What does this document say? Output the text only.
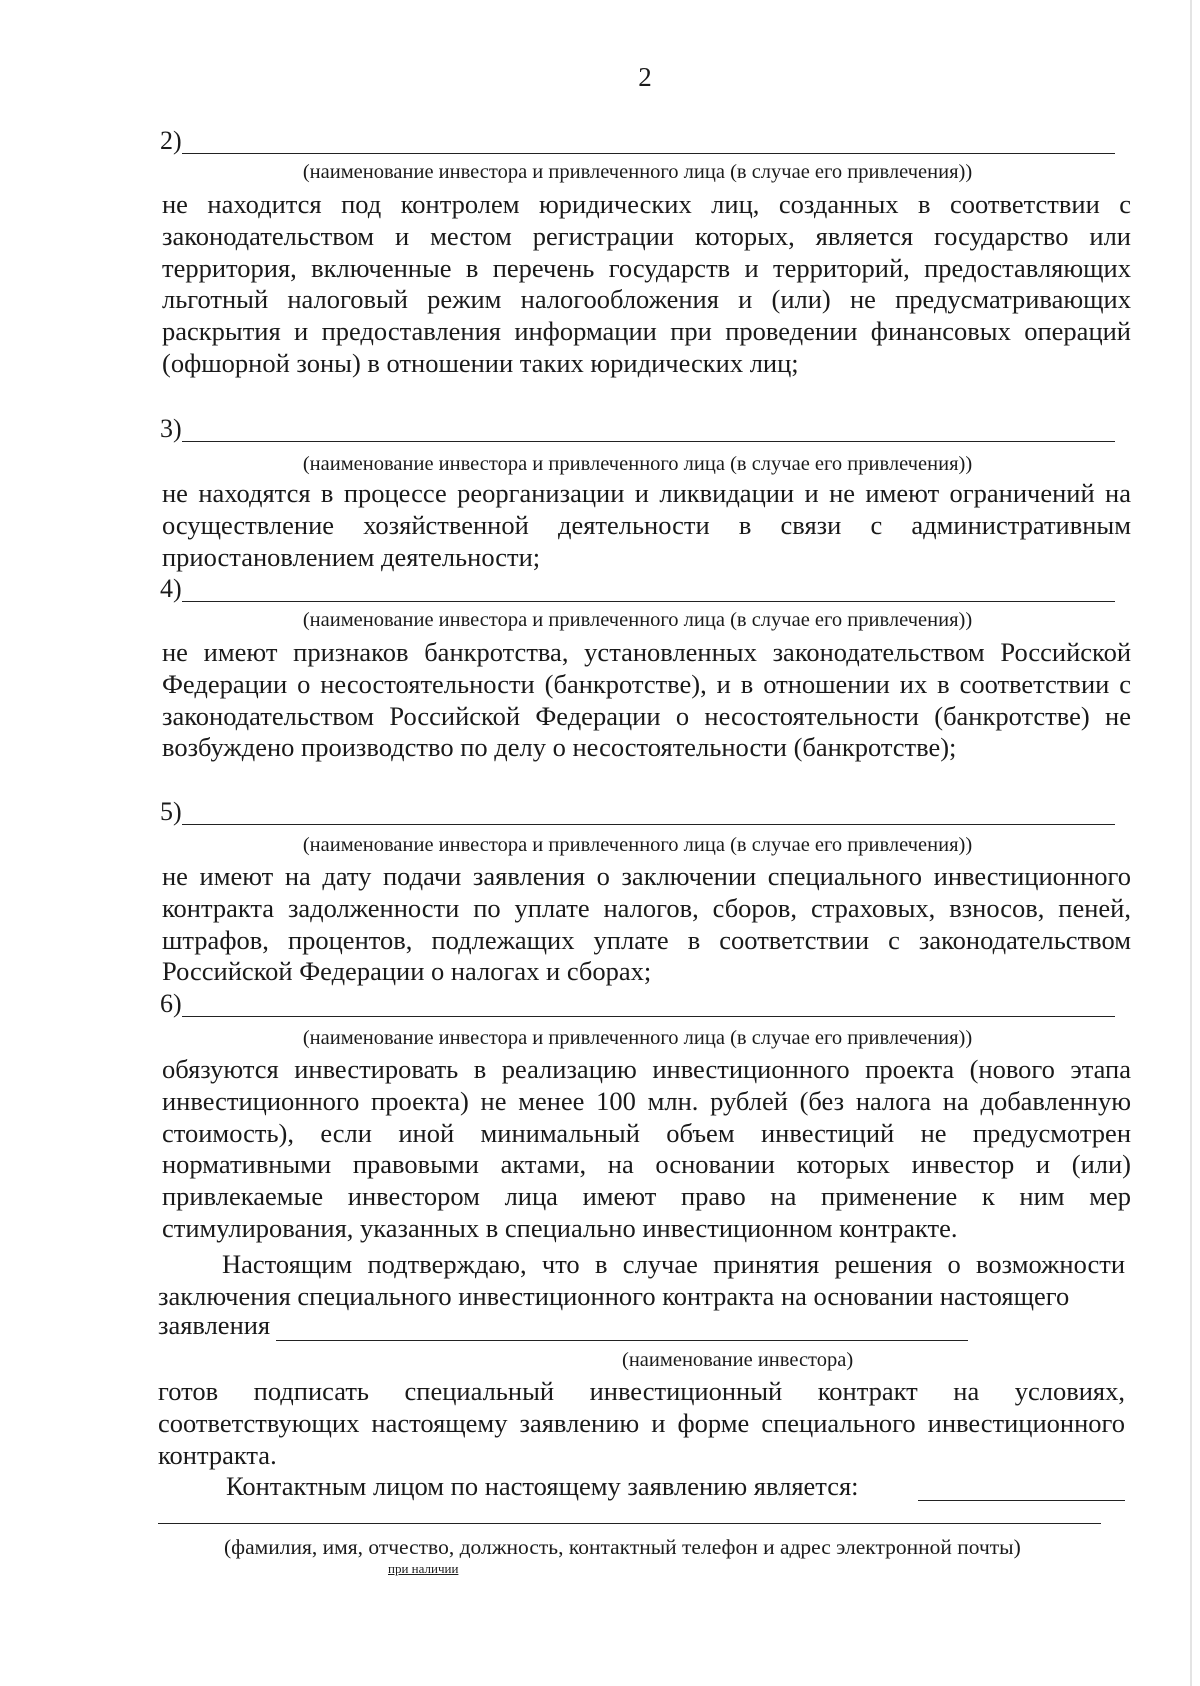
2
2)
(наименование инвестора и привлеченного лица (в случае его привлечения))
не находится под контролем юридических лиц, созданных в соответствии с законодательством и местом регистрации которых, является государство или территория, включенные в перечень государств и территорий, предоставляющих льготный налоговый режим налогообложения и (или) не предусматривающих раскрытия и предоставления информации при проведении финансовых операций (офшорной зоны) в отношении таких юридических лиц;
3)
(наименование инвестора и привлеченного лица (в случае его привлечения))
не находятся в процессе реорганизации и ликвидации и не имеют ограничений на осуществление хозяйственной деятельности в связи с административным приостановлением деятельности;
4)
(наименование инвестора и привлеченного лица (в случае его привлечения))
не имеют признаков банкротства, установленных законодательством Российской Федерации о несостоятельности (банкротстве), и в отношении их в соответствии с законодательством Российской Федерации о несостоятельности (банкротстве) не возбуждено производство по делу о несостоятельности (банкротстве);
5)
(наименование инвестора и привлеченного лица (в случае его привлечения))
не имеют на дату подачи заявления о заключении специального инвестиционного контракта задолженности по уплате налогов, сборов, страховых, взносов, пеней, штрафов, процентов, подлежащих уплате в соответствии с законодательством Российской Федерации о налогах и сборах;
6)
(наименование инвестора и привлеченного лица (в случае его привлечения))
обязуются инвестировать в реализацию инвестиционного проекта (нового этапа инвестиционного проекта) не менее 100 млн. рублей (без налога на добавленную стоимость), если иной минимальный объем инвестиций не предусмотрен нормативными правовыми актами, на основании которых инвестор и (или) привлекаемые инвестором лица имеют право на применение к ним мер стимулирования, указанных в специально инвестиционном контракте.
Настоящим подтверждаю, что в случае принятия решения о возможности заключения специального инвестиционного контракта на основании настоящего
заявления
(наименование инвестора)
готов подписать специальный инвестиционный контракт на условиях, соответствующих настоящему заявлению и форме специального инвестиционного контракта.
Контактным лицом по настоящему заявлению является:
(фамилия, имя, отчество, должность, контактный телефон и адрес электронной почты)
при наличии
